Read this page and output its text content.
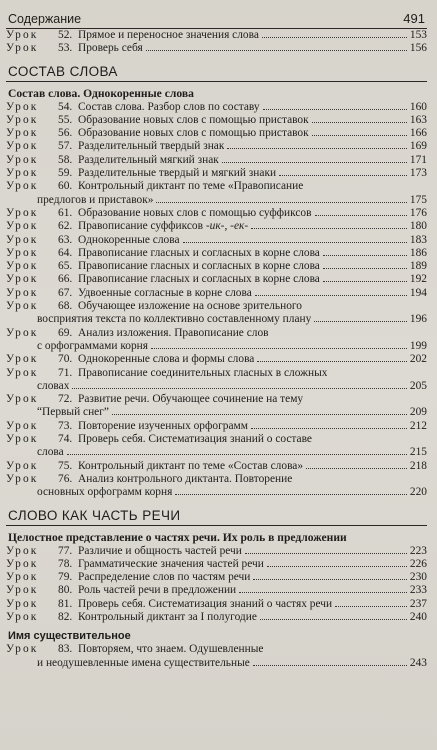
Содержание	491
Урок	52. Прямое и переносное значения слова	153
Урок	53. Проверь себя	156
СОСТАВ СЛОВА
Состав слова. Однокоренные слова
Урок	54. Состав слова. Разбор слов по составу	160
Урок	55. Образование новых слов с помощью приставок	163
Урок	56. Образование новых слов с помощью приставок	166
Урок	57. Разделительный твердый знак	169
Урок	58. Разделительный мягкий знак	171
Урок	59. Разделительные твердый и мягкий знаки	173
Урок	60. Контрольный диктант по теме «Правописание
предлогов и приставок»	175
Урок	61. Образование новых слов с помощью суффиксов	176
Урок	62. Правописание суффиксов -ик-, -ек-	180
Урок	63. Однокоренные слова	183
Урок	64. Правописание гласных и согласных в корне слова	186
Урок	65. Правописание гласных и согласных в корне слова	189
Урок	66. Правописание гласных и согласных в корне слова	192
Урок	67. Удвоенные согласные в корне слова	194
Урок	68. Обучающее изложение на основе зрительного
восприятия текста по коллективно составленному плану	196
Урок	69. Анализ изложения. Правописание слов
с орфограммами корня	199
Урок	70. Однокоренные слова и формы слова	202
Урок	71. Правописание соединительных гласных в сложных
словах	205
Урок	72. Развитие речи. Обучающее сочинение на тему
“Первый снег”	209
Урок	73. Повторение изученных орфограмм	212
Урок	74. Проверь себя. Систематизация знаний о составе
слова	215
Урок	75. Контрольный диктант по теме «Состав слова»	218
Урок	76. Анализ контрольного диктанта. Повторение
основных орфограмм корня	220
СЛОВО КАК ЧАСТЬ РЕЧИ
Целостное представление о частях речи. Их роль в предложении
Урок	77. Различие и общность частей речи	223
Урок	78. Грамматические значения частей речи	226
Урок	79. Распределение слов по частям речи	230
Урок	80. Роль частей речи в предложении	233
Урок	81. Проверь себя. Систематизация знаний о частях речи	237
Урок	82. Контрольный диктант за I полугодие	240
Имя существительное
Урок	83. Повторяем, что знаем. Одушевленные
и неодушевленные имена существительные	243
